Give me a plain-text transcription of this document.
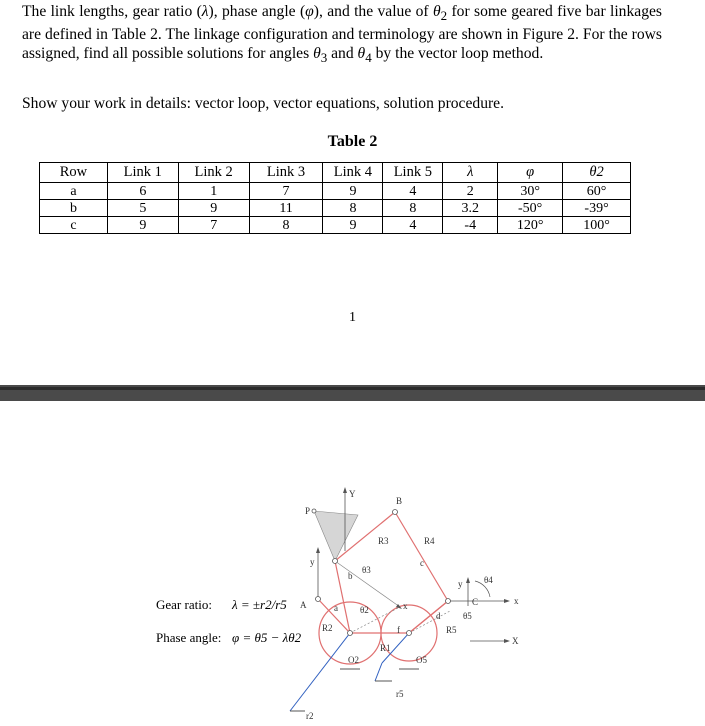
The link lengths, gear ratio (λ), phase angle (φ), and the value of $\theta_2$ for some geared five bar linkages are defined in Table 2. The linkage configuration and terminology are shown in Figure 2. For the rows assigned, find all possible solutions for angles $\theta_3$ and $\theta_4$ by the vector loop method.

Show your work in details: vector loop, vector equations, solution procedure.

Table 2
Row	Link 1	Link 2	Link 3	Link 4	Link 5	λ	φ	θ2
a	6	1	7	9	4	2	30°	60°
b	5	9	11	8	8	3.2	-50°	-39°
c	9	7	8	9	4	-4	120°	100°
1
Gear ratio: λ = ±r2/r5
Phase angle: φ = θ5 − λθ2
P
Y
B
R3	R4
y
b
θ3
c
θ4
y
C
A	a θ2	x	x
d	θ5
R5
X
R2	f
R1
O2	O5
r2
r5
